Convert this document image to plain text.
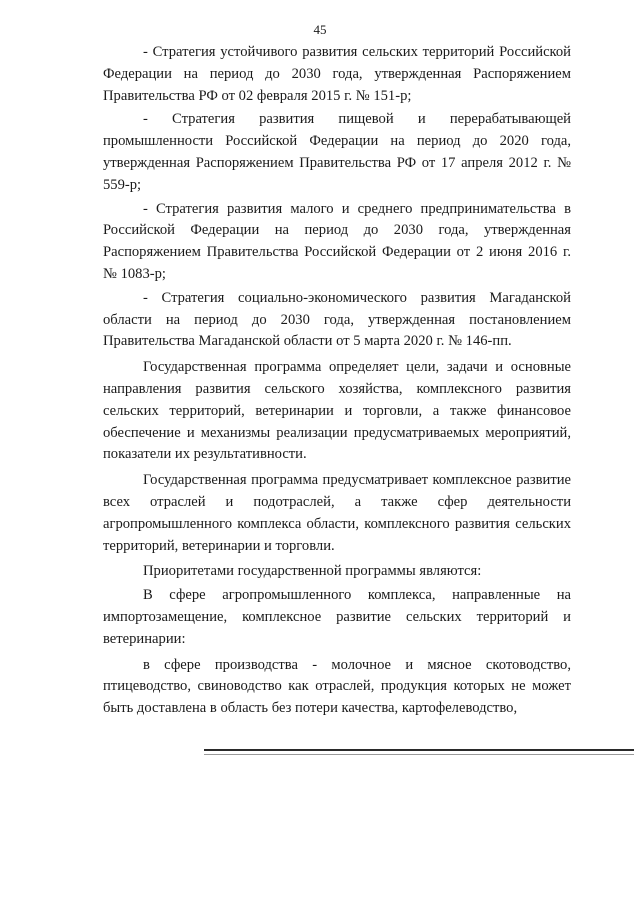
45

- Стратегия устойчивого развития сельских территорий Российской Федерации на период до 2030 года, утвержденная Распоряжением Правительства РФ от 02 февраля 2015 г. № 151-р;

- Стратегия развития пищевой и перерабатывающей промышленности Российской Федерации на период до 2020 года, утвержденная Распоряжением Правительства РФ от 17 апреля 2012 г. № 559-р;

- Стратегия развития малого и среднего предпринимательства в Российской Федерации на период до 2030 года, утвержденная Распоряжением Правительства Российской Федерации от 2 июня 2016 г. № 1083-р;

- Стратегия социально-экономического развития Магаданской области на период до 2030 года, утвержденная постановлением Правительства Магаданской области от 5 марта 2020 г. № 146-пп.

Государственная программа определяет цели, задачи и основные направления развития сельского хозяйства, комплексного развития сельских территорий, ветеринарии и торговли, а также финансовое обеспечение и механизмы реализации предусматриваемых мероприятий, показатели их результативности.

Государственная программа предусматривает комплексное развитие всех отраслей и подотраслей, а также сфер деятельности агропромышленного комплекса области, комплексного развития сельских территорий, ветеринарии и торговли.

Приоритетами государственной программы являются:

В сфере агропромышленного комплекса, направленные на импортозамещение, комплексное развитие сельских территорий и ветеринарии:

в сфере производства - молочное и мясное скотоводство, птицеводство, свиноводство как отраслей, продукция которых не может быть доставлена в область без потери качества, картофелеводство,
